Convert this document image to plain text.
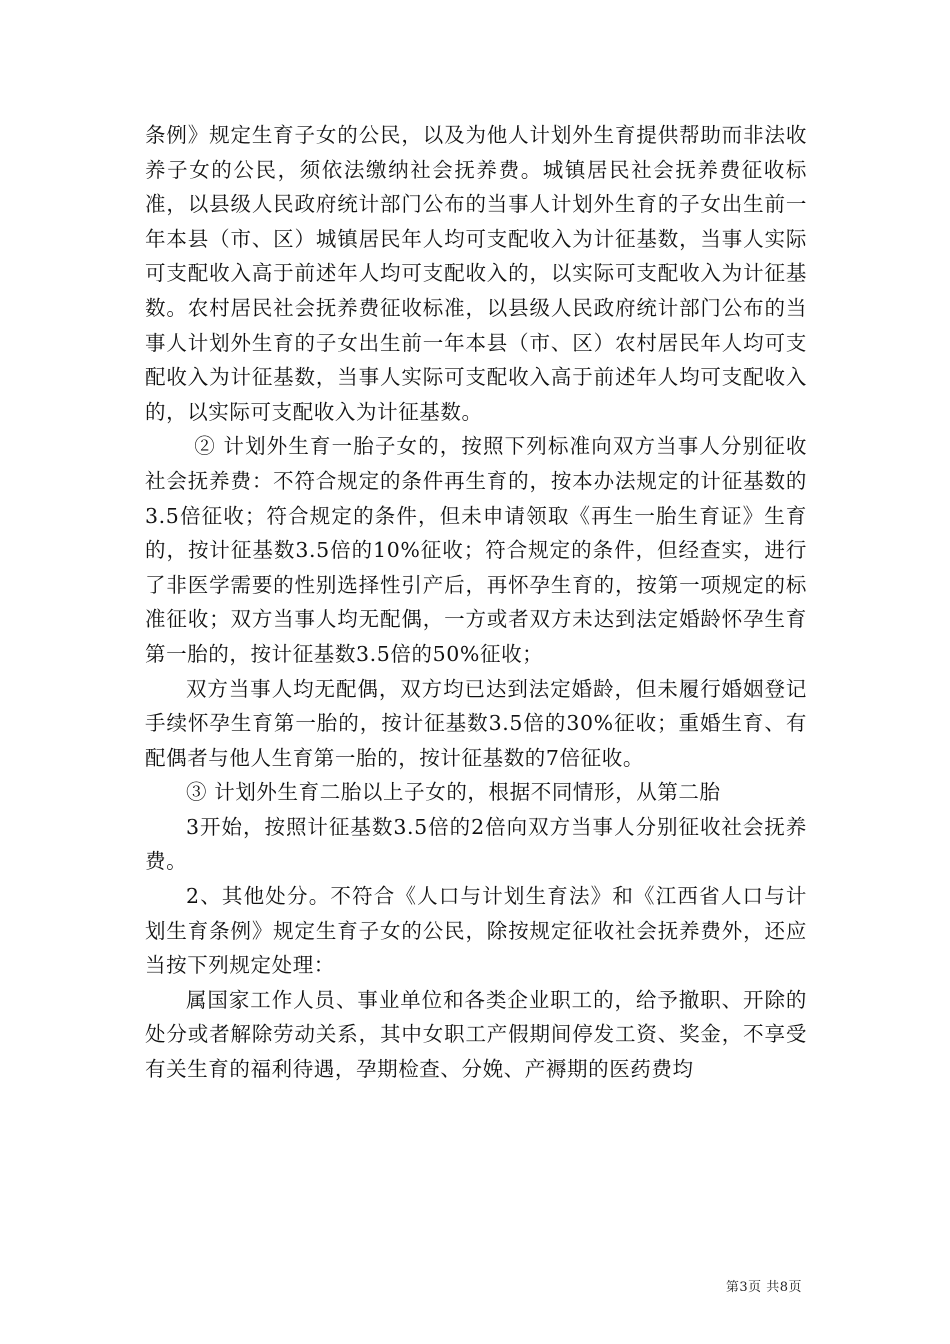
条例》规定生育子女的公民，以及为他人计划外生育提供帮助而非法收养子女的公民，须依法缴纳社会抚养费。城镇居民社会抚养费征收标准，以县级人民政府统计部门公布的当事人计划外生育的子女出生前一年本县（市、区）城镇居民年人均可支配收入为计征基数，当事人实际可支配收入高于前述年人均可支配收入的，以实际可支配收入为计征基数。农村居民社会抚养费征收标准，以县级人民政府统计部门公布的当事人计划外生育的子女出生前一年本县（市、区）农村居民年人均可支配收入为计征基数，当事人实际可支配收入高于前述年人均可支配收入的，以实际可支配收入为计征基数。

② 计划外生育一胎子女的，按照下列标准向双方当事人分别征收社会抚养费：不符合规定的条件再生育的，按本办法规定的计征基数的3.5倍征收；符合规定的条件，但未申请领取《再生一胎生育证》生育的，按计征基数3.5倍的10%征收；符合规定的条件，但经查实，进行了非医学需要的性别选择性引产后，再怀孕生育的，按第一项规定的标准征收；双方当事人均无配偶，一方或者双方未达到法定婚龄怀孕生育第一胎的，按计征基数3.5倍的50%征收；

双方当事人均无配偶，双方均已达到法定婚龄，但未履行婚姻登记手续怀孕生育第一胎的，按计征基数3.5倍的30%征收；重婚生育、有配偶者与他人生育第一胎的，按计征基数的7倍征收。

③ 计划外生育二胎以上子女的，根据不同情形，从第二胎

3开始，按照计征基数3.5倍的2倍向双方当事人分别征收社会抚养费。

2、其他处分。不符合《人口与计划生育法》和《江西省人口与计划生育条例》规定生育子女的公民，除按规定征收社会抚养费外，还应当按下列规定处理：

属国家工作人员、事业单位和各类企业职工的，给予撤职、开除的处分或者解除劳动关系，其中女职工产假期间停发工资、奖金，不享受有关生育的福利待遇，孕期检查、分娩、产褥期的医药费均

第3页 共8页
